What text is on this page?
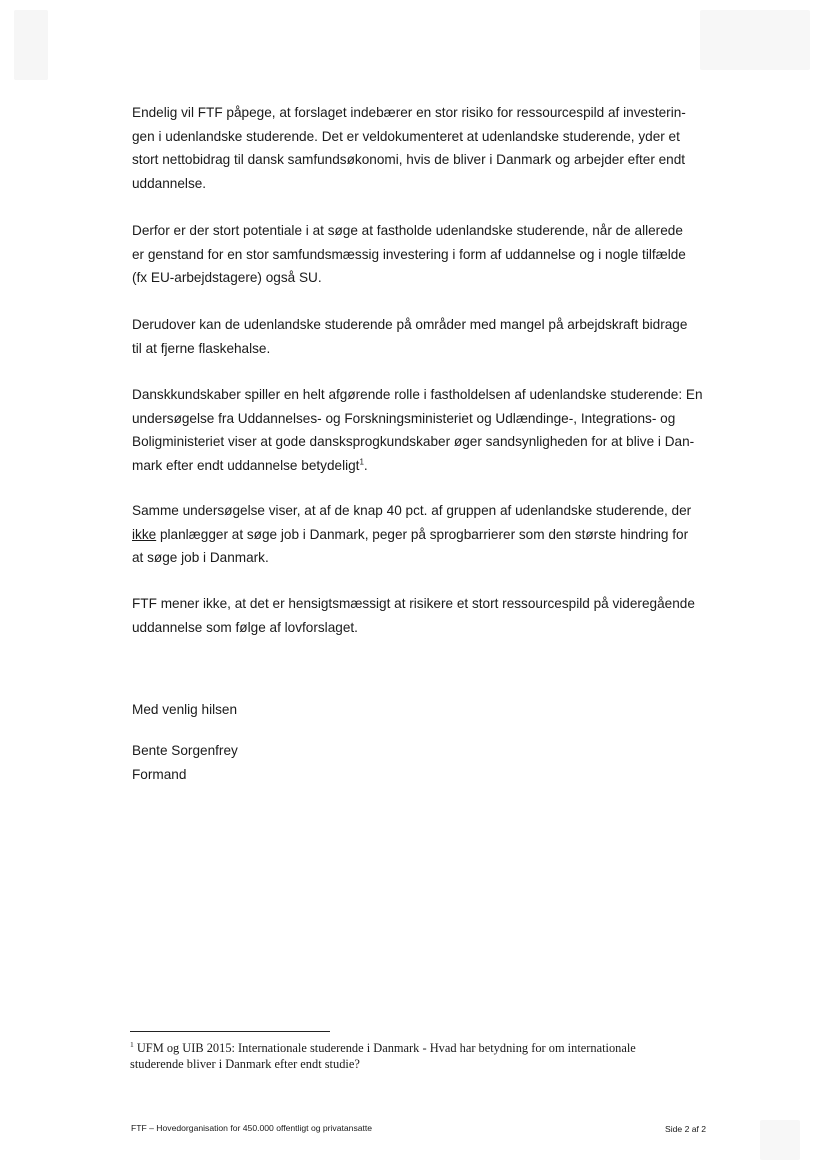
Endelig vil FTF påpege, at forslaget indebærer en stor risiko for ressourcespild af investerin-
gen i udenlandske studerende. Det er veldokumenteret at udenlandske studerende, yder et
stort nettobidrag til dansk samfundsøkonomi, hvis de bliver i Danmark og arbejder efter endt
uddannelse.

Derfor er der stort potentiale i at søge at fastholde udenlandske studerende, når de allerede
er genstand for en stor samfundsmæssig investering i form af uddannelse og i nogle tilfælde
(fx EU-arbejdstagere) også SU.

Derudover kan de udenlandske studerende på områder med mangel på arbejdskraft bidrage
til at fjerne flaskehalse.

Danskkundskaber spiller en helt afgørende rolle i fastholdelsen af udenlandske studerende: En
undersøgelse fra Uddannelses- og Forskningsministeriet og Udlændinge-, Integrations- og
Boligministeriet viser at gode dansksprogkundskaber øger sandsynligheden for at blive i Dan-
mark efter endt uddannelse betydeligt$^1$.

Samme undersøgelse viser, at af de knap 40 pct. af gruppen af udenlandske studerende, der
ikke planlægger at søge job i Danmark, peger på sprogbarrierer som den største hindring for
at søge job i Danmark.

FTF mener ikke, at det er hensigtsmæssigt at risikere et stort ressourcespild på videregående
uddannelse som følge af lovforslaget.

Med venlig hilsen

Bente Sorgenfrey

Formand

$^1$ UFM og UIB 2015: Internationale studerende i Danmark - Hvad har betydning for om internationale
studerende bliver i Danmark efter endt studie?

FTF – Hovedorganisation for 450.000 offentligt og privatansatte	Side 2 af 2
